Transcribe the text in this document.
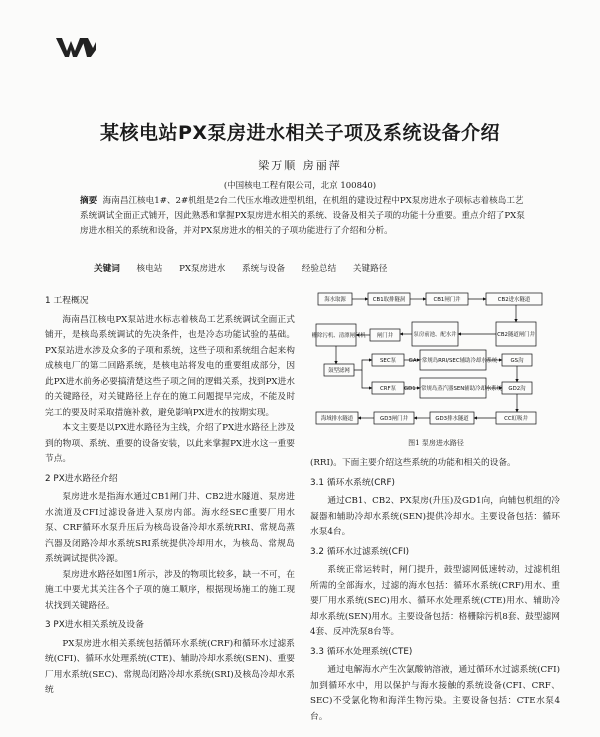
某核电站PX泵房进水相关子项及系统设备介绍
梁万顺 房丽萍
(中国核电工程有限公司，北京 100840)
摘要 海南昌江核电1#、2#机组是2台二代压水堆改进型机组，在机组的建设过程中PX泵房进水子项标志着核岛工艺系统调试全面正式铺开，因此熟悉和掌握PX泵房进水相关的系统、设备及相关子项的功能十分重要。重点介绍了PX泵房进水相关的系统和设备，并对PX泵房进水的相关的子项功能进行了介绍和分析。
关键词 核电站 PX泵房进水 系统与设备 经验总结 关键路径
1 工程概况

海南昌江核电PX泵站进水标志着核岛工艺系统调试全面正式铺开，是核岛系统调试的先决条件，也是冷态功能试验的基础。PX泵站进水涉及众多的子项和系统，这些子项和系统组合起来构成核电厂的第二回路系统，是核电站将发电的重要组成部分，因此PX进水前务必要搞清楚这些子项之间的逻辑关系，找到PX进水的关键路径，对关键路径上存在的施工问题提早完成，不能及时完工的要及时采取措施补救，避免影响PX进水的按期实现。

本文主要是以PX进水路径为主线，介绍了PX进水路径上涉及到的物项、系统、重要的设备安装，以此来掌握PX进水这一重要节点。

2 PX进水路径介绍

泵房进水是指海水通过CB1闸门井、CB2进水隧道、泵房进水流道及CFI过滤设备进入泵房内部。海水经SEC重要厂用水泵、CRF循环水泵升压后为核岛设备冷却水系统RRI、常规岛蒸汽器及闭路冷却水系统SRI系统提供冷却用水，为核岛、常规岛系统调试提供冷源。

泵房进水路径如图1所示，涉及的物项比较多，缺一不可，在施工中要尤其关注各个子项的施工顺序，根据现场施工的施工现状找到关键路径。

3 PX进水相关系统及设备

PX泵房进水相关系统包括循环水系统(CRF)和循环水过滤系统(CFI)、循环水处理系统(CTE)、辅助冷却水系统(SEN)、重要厂用水系统(SEC)、常规岛闭路冷却水系统(SRI)及核岛冷却水系统

海水取源	CB1取排隧洞	CB1闸门井	CB2进水隧道
格栅除污机、清漂闸门机 闸门井	泵房前池、配水井	CB2隧道闸门井
鼓型滤网
SEC泵 GA一常规岛RRI/SEC辅助冷却水系统 GS沟
CRF泵 GD1一常规岛蒸汽器SEN辅助冷却水系统 GD2沟
海域排水隧道	GD3闸门井	GD3排水隧道	CC虹吸井
图1 泵房进水路径

(RRI)。下面主要介绍这些系统的功能和相关的设备。

3.1 循环水系统(CRF)

通过CB1、CB2、PX泵房(升压)及GD1向，向辅包机组的冷凝器和辅助冷却水系统(SEN)提供冷却水。主要设备包括：循环水泵4台。

3.2 循环水过滤系统(CFI)

系统正常运转时，闸门提升，鼓型滤网低速转动，过滤机组所需的全部海水，过滤的海水包括：循环水系统(CRF)用水、重要厂用水系统(SEC)用水、循环水处理系统(CTE)用水、辅助冷却水系统(SEN)用水。主要设备包括：格栅除污机8套、鼓型滤网4套、反冲洗泵8台等。

3.3 循环水处理系统(CTE)

通过电解海水产生次氯酸钠溶液，通过循环水过滤系统(CFI)加到循环水中，用以保护与海水接触的系统设备(CFI、CRF、SEC)不受氯化物和海洋生物污染。主要设备包括：CTE水泵4台。
